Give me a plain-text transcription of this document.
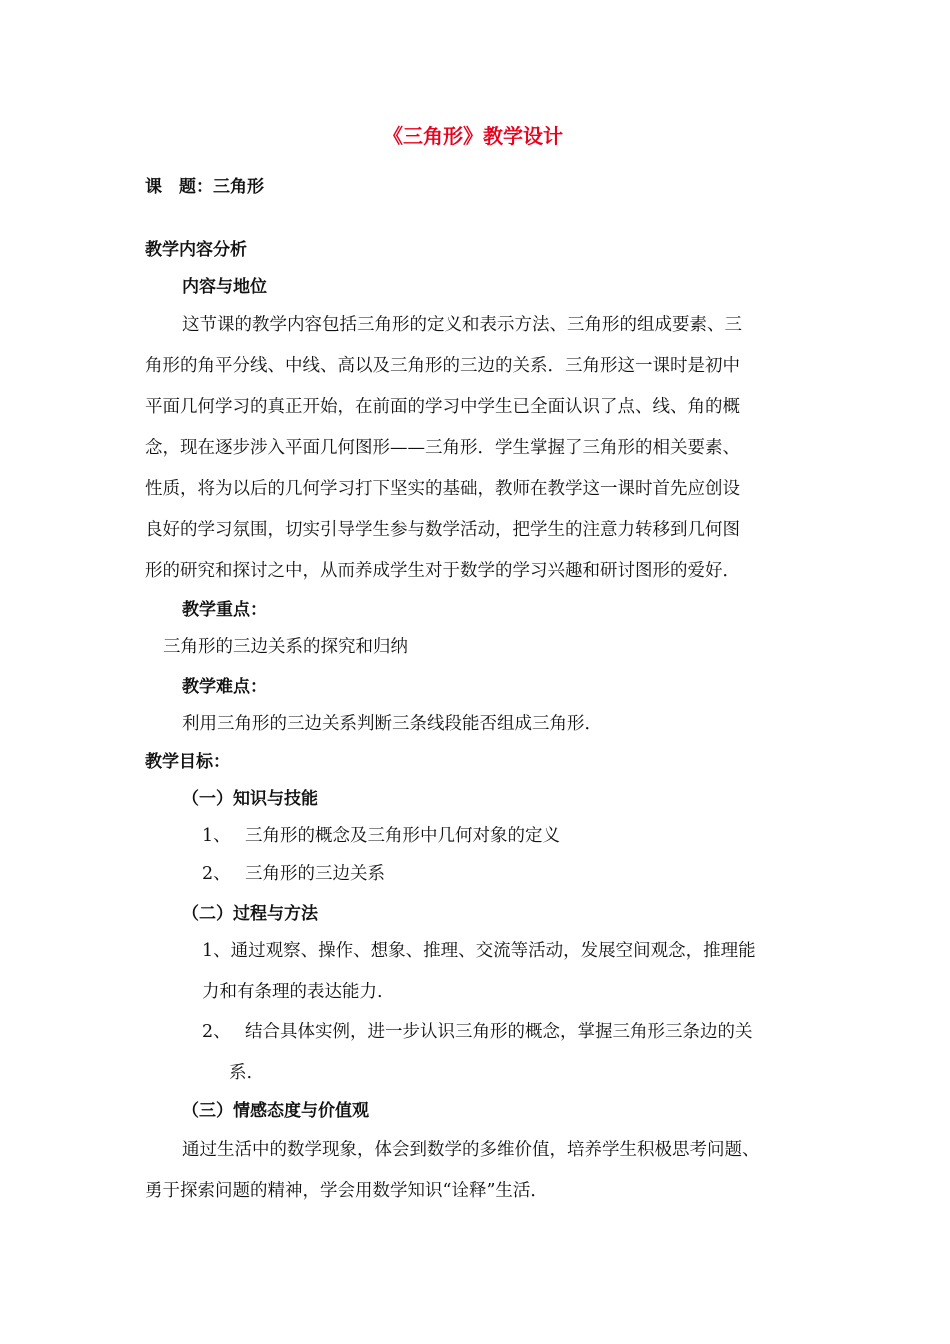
《三角形》教学设计
课　题：三角形
教学内容分析
内容与地位
这节课的教学内容包括三角形的定义和表示方法、三角形的组成要素、三
角形的角平分线、中线、高以及三角形的三边的关系．三角形这一课时是初中
平面几何学习的真正开始，在前面的学习中学生已全面认识了点、线、角的概
念，现在逐步涉入平面几何图形——三角形．学生掌握了三角形的相关要素、
性质，将为以后的几何学习打下坚实的基础，教师在教学这一课时首先应创设
良好的学习氛围，切实引导学生参与数学活动，把学生的注意力转移到几何图
形的研究和探讨之中，从而养成学生对于数学的学习兴趣和研讨图形的爱好．
教学重点：
三角形的三边关系的探究和归纳
教学难点：
利用三角形的三边关系判断三条线段能否组成三角形．
教学目标：
（一）知识与技能
1、 三角形的概念及三角形中几何对象的定义
2、 三角形的三边关系
（二）过程与方法
1、通过观察、操作、想象、推理、交流等活动，发展空间观念，推理能
力和有条理的表达能力.
2、 结合具体实例，进一步认识三角形的概念，掌握三角形三条边的关
系.
（三）情感态度与价值观
通过生活中的数学现象，体会到数学的多维价值，培养学生积极思考问题、
勇于探索问题的精神，学会用数学知识“诠释”生活．
